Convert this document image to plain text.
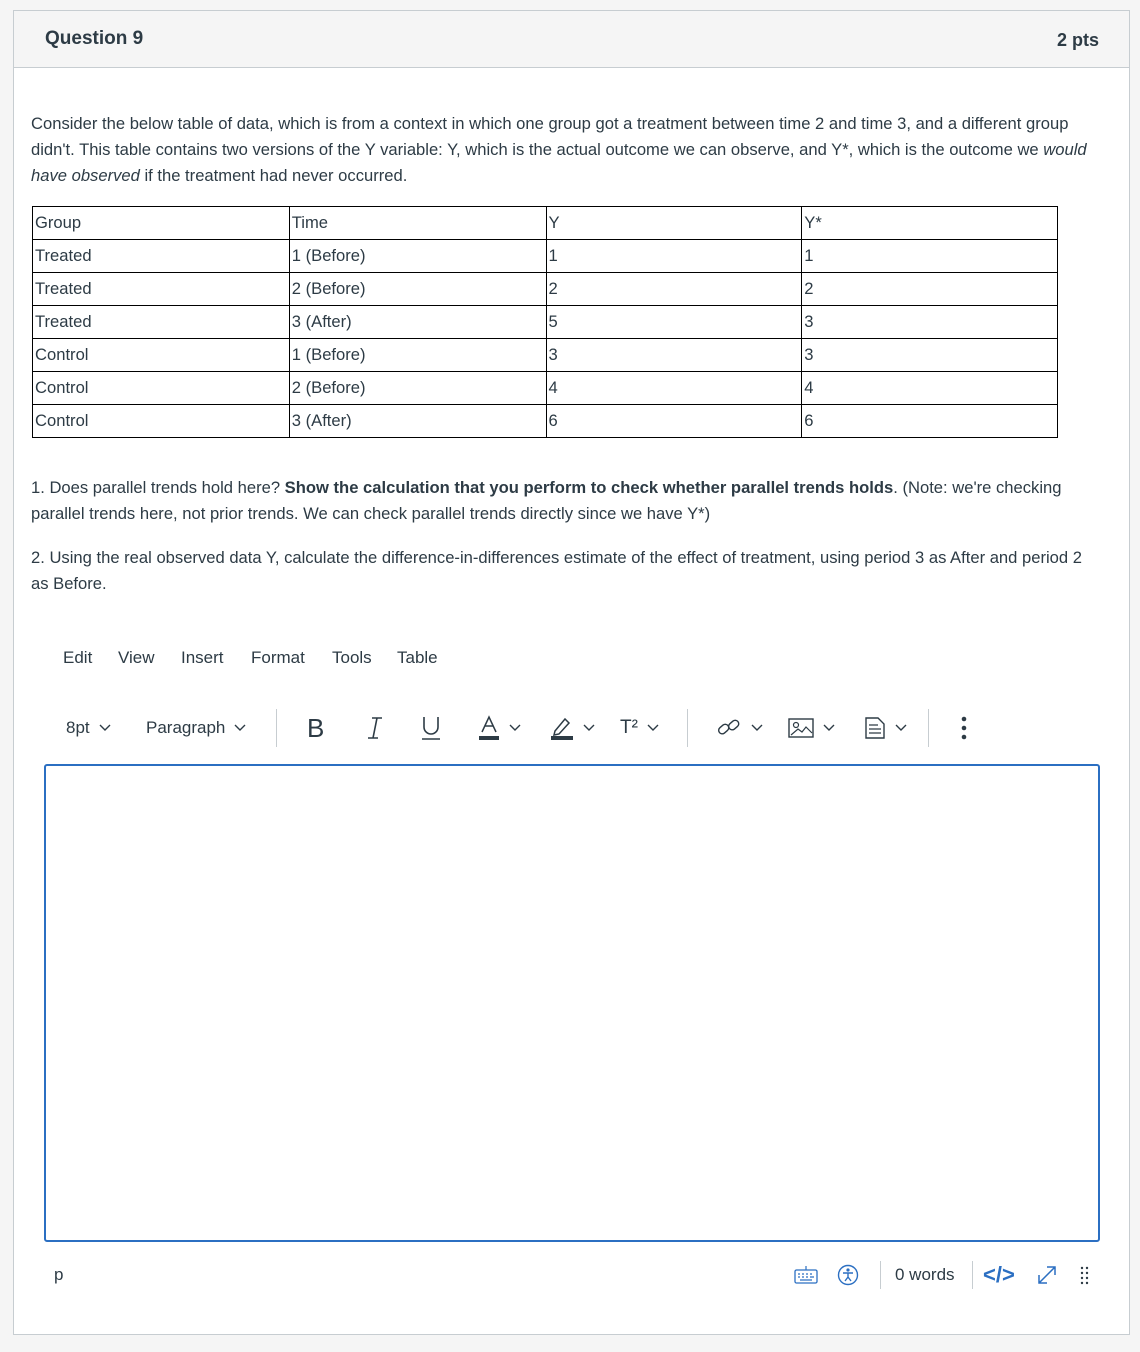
Question 9	2 pts

Consider the below table of data, which is from a context in which one group got a treatment between time 2 and time 3, and a different group didn't. This table contains two versions of the Y variable: Y, which is the actual outcome we can observe, and Y*, which is the outcome we would have observed if the treatment had never occurred.

Group	Time	Y	Y*
Treated	1 (Before)	1	1
Treated	2 (Before)	2	2
Treated	3 (After)	5	3
Control	1 (Before)	3	3
Control	2 (Before)	4	4
Control	3 (After)	6	6
1. Does parallel trends hold here? Show the calculation that you perform to check whether parallel trends holds. (Note: we're checking parallel trends here, not prior trends. We can check parallel trends directly since we have Y*)
2. Using the real observed data Y, calculate the difference-in-differences estimate of the effect of treatment, using period 3 as After and period 2 as Before.
Edit View Insert Format Tools Table
8pt	Paragraph	B	T²
p	0 words </>
